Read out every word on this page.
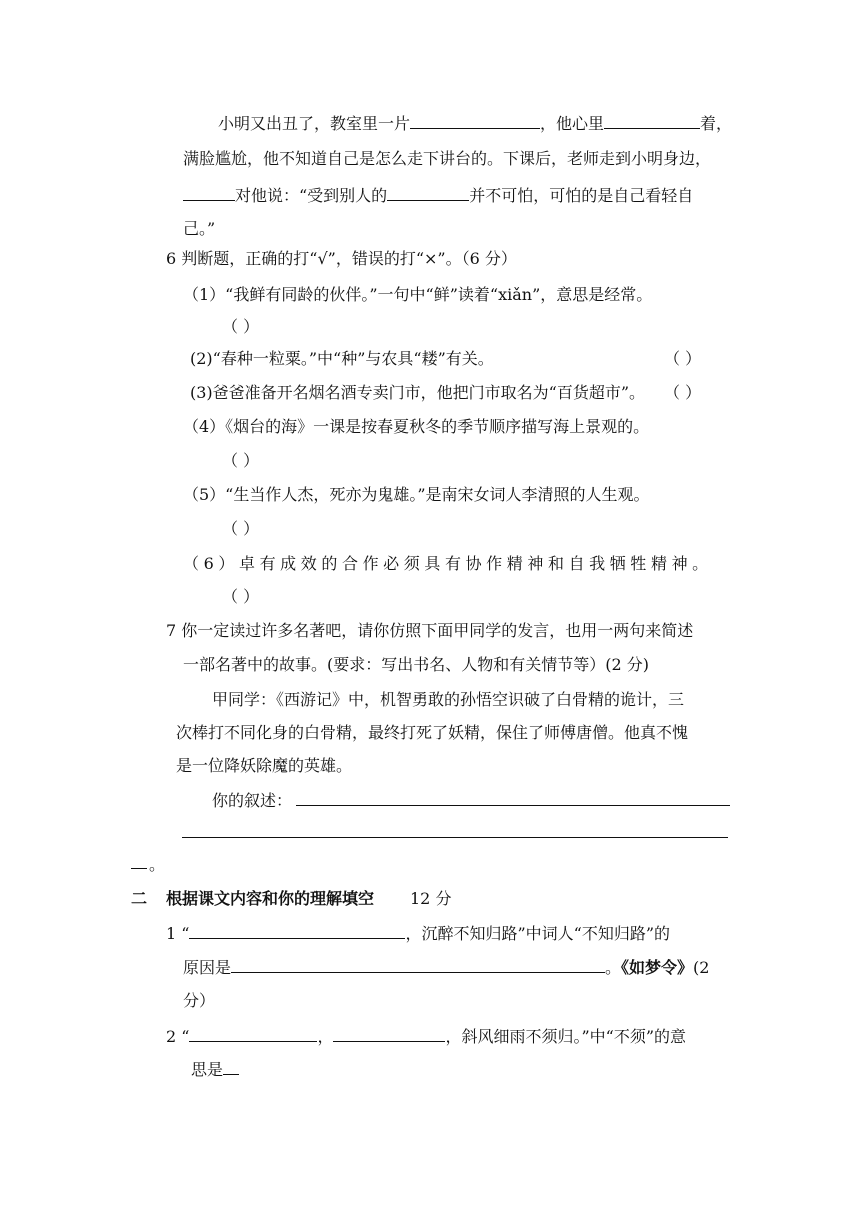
小明又出丑了，教室里一片	，他心里	着，
满脸尴尬，他不知道自己是怎么走下讲台的。下课后，老师走到小明身边，
对他说：“受到别人的	并不可怕，可怕的是自己看轻自
己。”
6 判断题，正确的打“√”，错误的打“×”。（6 分）
（1）“我鲜有同龄的伙伴。”一句中“鲜”读着“xiǎn”，意思是经常。
（ ）
(2)“春种一粒粟。”中“种”与农具“耧”有关。	（ ）
(3)爸爸准备开名烟名酒专卖门市，他把门市取名为“百货超市”。 （ ）
（4）《烟台的海》一课是按春夏秋冬的季节顺序描写海上景观的。
（ ）
（5）“生当作人杰，死亦为鬼雄。”是南宋女词人李清照的人生观。
（ ）
（6）卓有成效的合作必须具有协作精神和自我牺牲精神。
（ ）
7 你一定读过许多名著吧，请你仿照下面甲同学的发言，也用一两句来简述
一部名著中的故事。(要求：写出书名、人物和有关情节等）(2 分)
甲同学：《西游记》中，机智勇敢的孙悟空识破了白骨精的诡计，三
次棒打不同化身的白骨精，最终打死了妖精，保住了师傅唐僧。他真不愧
是一位降妖除魔的英雄。
你的叙述：
。
二 根据课文内容和你的理解填空 12 分
1 “	，沉醉不知归路”中词人“不知归路”的
原因是	。《如梦令》(2
分）
2 “	，	，斜风细雨不须归。”中“不须”的意
思是
